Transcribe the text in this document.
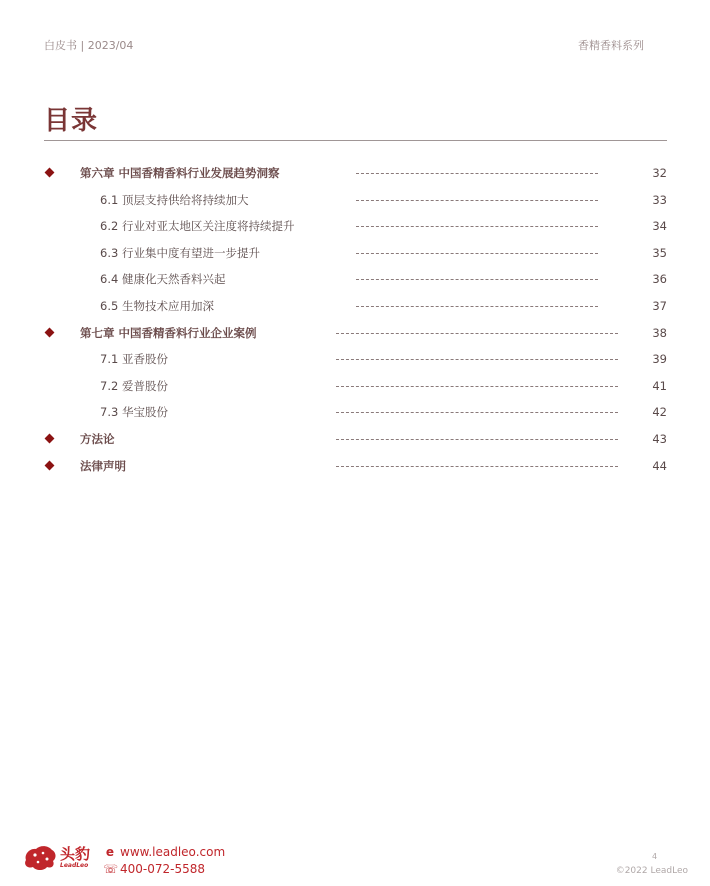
白皮书 | 2023/04	香精香料系列
目录
第六章 中国香精香料行业发展趋势洞察	32
6.1 顶层支持供给将持续加大	33
6.2 行业对亚太地区关注度将持续提升	34
6.3 行业集中度有望进一步提升	35
6.4 健康化天然香料兴起	36
6.5 生物技术应用加深	37
第七章 中国香精香料行业企业案例	38
7.1 亚香股份	39
7.2 爱普股份	41
7.3 华宝股份	42
方法论	43
法律声明	44
头豹
LeadLeo
e www.leadleo.com
☏ 400-072-5588
4
©2022 LeadLeo
